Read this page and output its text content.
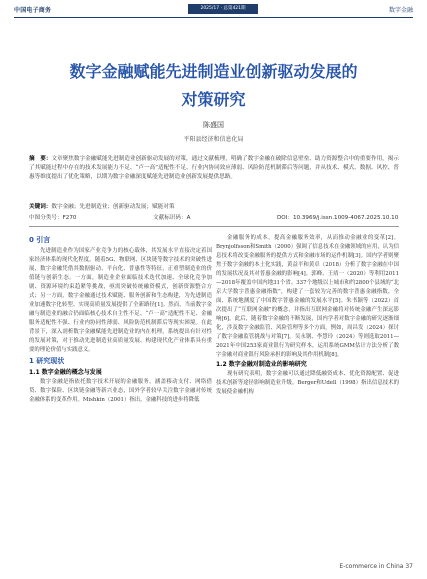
中国电子商务	2025/17 · 总第421期	数字金融
数字金融赋能先进制造业创新驱动发展的
对策研究
陈盛国
平阳县经济和信息化局
摘　要：文章聚焦数字金融赋能先进制造业创新驱动发展的对策，通过文献梳理，明确了数字金融在破除信息壁垒、助力资源整合中的重要作用，揭示了其赋能过程中存在的技术发展能力不足、“卢一高”适配性不足、行业内协同效应薄弱、风险防范机制滞后等问题，并从技术、模式、数据、风控、普惠等维度提出了优化策略，以期为数字金融深度赋能先进制造业创新发展提供思路。
关键词：数字金融；先进制造业；创新驱动发展；赋能对策
中图分类号：F270	文献标识码：A	DOI：10.3969/j.issn.1009-4067.2025.10.10
0 引言

先进制造业作为国家产业竞争力的核心载体，其发展水平直接决定着国家经济体系的现代化程度。随着5G、物联网、区块链等数字技术的突破性进展，数字金融凭借其数据驱动、平台化、普惠性等特征，正重塑制造业的价值链与创新生态。一方面，制造业企业面临技术迭代加速、全球化竞争加剧、资源环境约束趋紧等挑战，亟需突破传统融资模式，创新资源整合方式；另一方面，数字金融通过技术赋能、服务创新和生态构建，为先进制造业加速数字化转型、实现高质量发展提供了全新路径[1]。然而，当前数字金融与制造业的融合仍面临核心技术自主性不足、“卢一高”适配性不足、金融服务适配性不强、行业内协同性薄弱、风险防范机制滞后等现实困境。在此背景下，深入剖析数字金融赋能先进制造业的内在机理，系统提出有针对性的发展对策，对于推动先进制造业高质量发展、构建现代化产业体系具有重要的理论价值与实践意义。

1 研究现状
1.1 数字金融的概念与发展

数字金融是指依托数字技术开展的金融服务，涵盖移动支付、网络借贷、数字保险、区块链金融等新兴业态，国外学者较早关注数字金融对传统金融体系的变革作用。Mishkin（2001）指出，金融科技的进步将降低

金融服务的成本，提高金融服务效率，从而推动金融业的变革[2]。Brynjolfsson和Smith（2000）强调了信息技术在金融领域的应用，认为信息技术将改变金融服务的提供方式和金融市场的运作机制[3]。国内学者则聚焦于数字金融的本土化实践，黄益平和黄卓（2018）分析了数字金融在中国的发展状况及其对普惠金融的影响[4]。郭峰、王靖一（2020）等利用2011—2018年覆盖中国内地31个省、337个地级以上城市和约2800个县域的“北京大学数字普惠金融指数”，构建了一套较为完善的数字普惠金融指数，全面、系统地测度了中国数字普惠金融的发展水平[5]。朱书颖等（2022）首次提出了“互联网金融”的概念，并指出互联网金融将对传统金融产生深远影响[6]。此后，随着数字金融的不断发展，国内学者对数字金融的研究逐渐细化，涉及数字金融监管、风险管理等多个方面。例如，周昌发（2024）探讨了数字金融监管挑战与对策[7]。吴永钢、李慧玲（2024）等则选取2011—2021年中国253家商业银行为研究样本，运用系统GMM估计方法分析了数字金融对商业银行风险承担的影响及其作用机制[8]。

1.2 数字金融对制造业的影响研究

现有研究表明，数字金融可以通过降低融资成本、优化资源配置、促进技术创新等途径影响制造业升级。Berger和Udell（1998）指出信息技术的发展使金融机构

E-commerce in China 37
